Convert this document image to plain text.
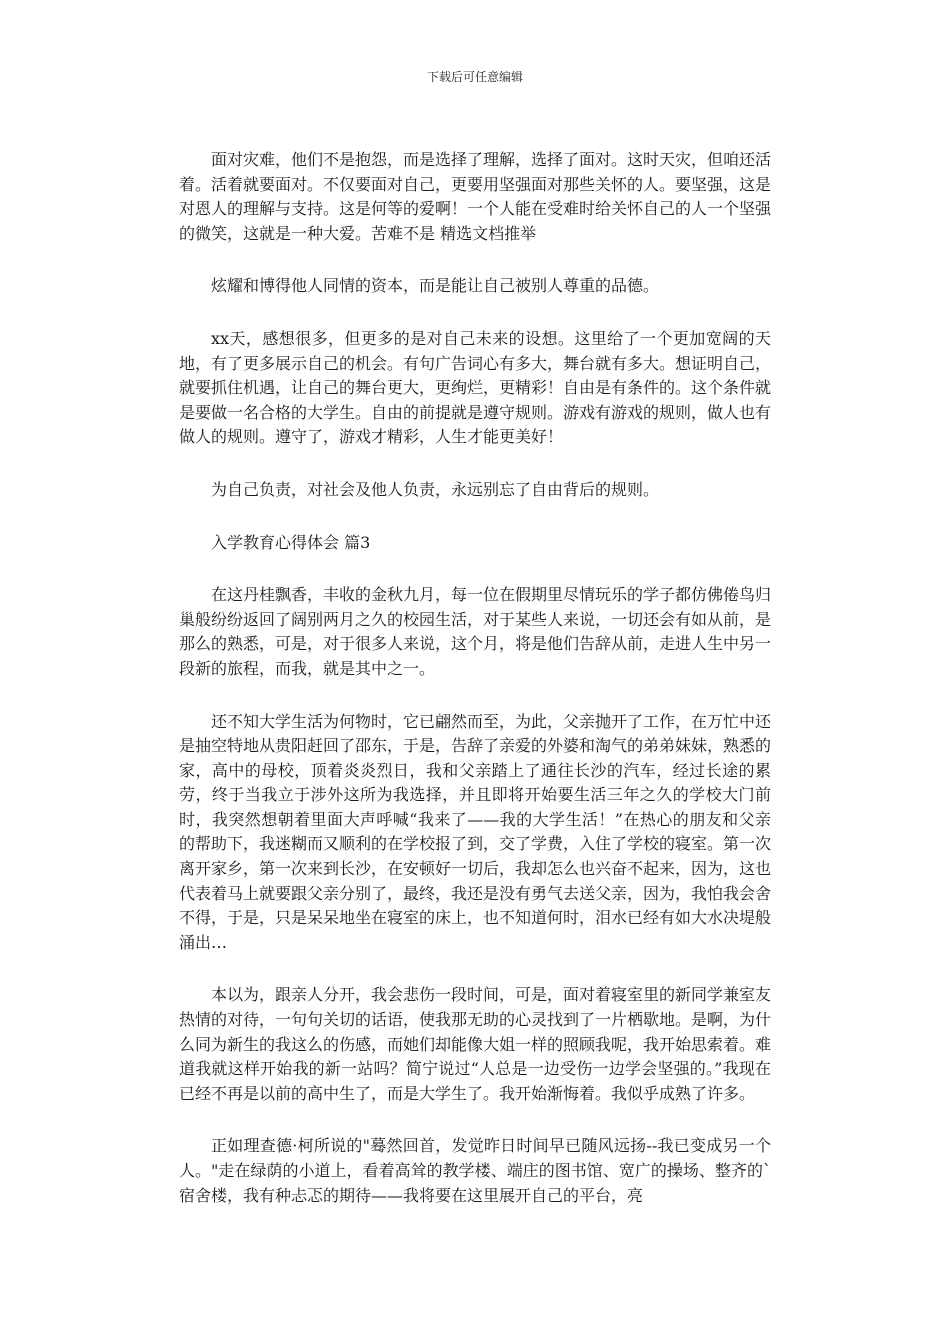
下载后可任意编辑

面对灾难，他们不是抱怨，而是选择了理解，选择了面对。这时天灾，但咱还活着。活着就要面对。不仅要面对自己，更要用坚强面对那些关怀的人。要坚强，这是对恩人的理解与支持。这是何等的爱啊！一个人能在受难时给关怀自己的人一个坚强的微笑，这就是一种大爱。苦难不是 精选文档推举

炫耀和博得他人同情的资本，而是能让自己被别人尊重的品德。

xx天，感想很多，但更多的是对自己未来的设想。这里给了一个更加宽阔的天地，有了更多展示自己的机会。有句广告词心有多大，舞台就有多大。想证明自己，就要抓住机遇，让自己的舞台更大，更绚烂，更精彩！自由是有条件的。这个条件就是要做一名合格的大学生。自由的前提就是遵守规则。游戏有游戏的规则，做人也有做人的规则。遵守了，游戏才精彩，人生才能更美好！

为自己负责，对社会及他人负责，永远别忘了自由背后的规则。

入学教育心得体会 篇3

在这丹桂飘香，丰收的金秋九月，每一位在假期里尽情玩乐的学子都仿佛倦鸟归巢般纷纷返回了阔别两月之久的校园生活，对于某些人来说，一切还会有如从前，是那么的熟悉，可是，对于很多人来说，这个月，将是他们告辞从前，走进人生中另一段新的旅程，而我，就是其中之一。

还不知大学生活为何物时，它已翩然而至，为此，父亲抛开了工作，在万忙中还是抽空特地从贵阳赶回了邵东，于是，告辞了亲爱的外婆和淘气的弟弟妹妹，熟悉的家，高中的母校，顶着炎炎烈日，我和父亲踏上了通往长沙的汽车，经过长途的累劳，终于当我立于涉外这所为我选择，并且即将开始要生活三年之久的学校大门前时，我突然想朝着里面大声呼喊“我来了——我的大学生活！”在热心的朋友和父亲的帮助下，我迷糊而又顺利的在学校报了到，交了学费，入住了学校的寝室。第一次离开家乡，第一次来到长沙，在安顿好一切后，我却怎么也兴奋不起来，因为，这也代表着马上就要跟父亲分别了，最终，我还是没有勇气去送父亲，因为，我怕我会舍不得，于是，只是呆呆地坐在寝室的床上，也不知道何时，泪水已经有如大水决堤般涌出…

本以为，跟亲人分开，我会悲伤一段时间，可是，面对着寝室里的新同学兼室友热情的对待，一句句关切的话语，使我那无助的心灵找到了一片栖歇地。是啊，为什么同为新生的我这么的伤感，而她们却能像大姐一样的照顾我呢，我开始思索着。难道我就这样开始我的新一站吗？简宁说过“人总是一边受伤一边学会坚强的。”我现在已经不再是以前的高中生了，而是大学生了。我开始渐悔着。我似乎成熟了许多。

正如理查德·柯所说的"蓦然回首，发觉昨日时间早已随风远扬--我已变成另一个人。"走在绿荫的小道上，看着高耸的教学楼、端庄的图书馆、宽广的操场、整齐的`宿舍楼，我有种忐忑的期待——我将要在这里展开自己的平台，亮
